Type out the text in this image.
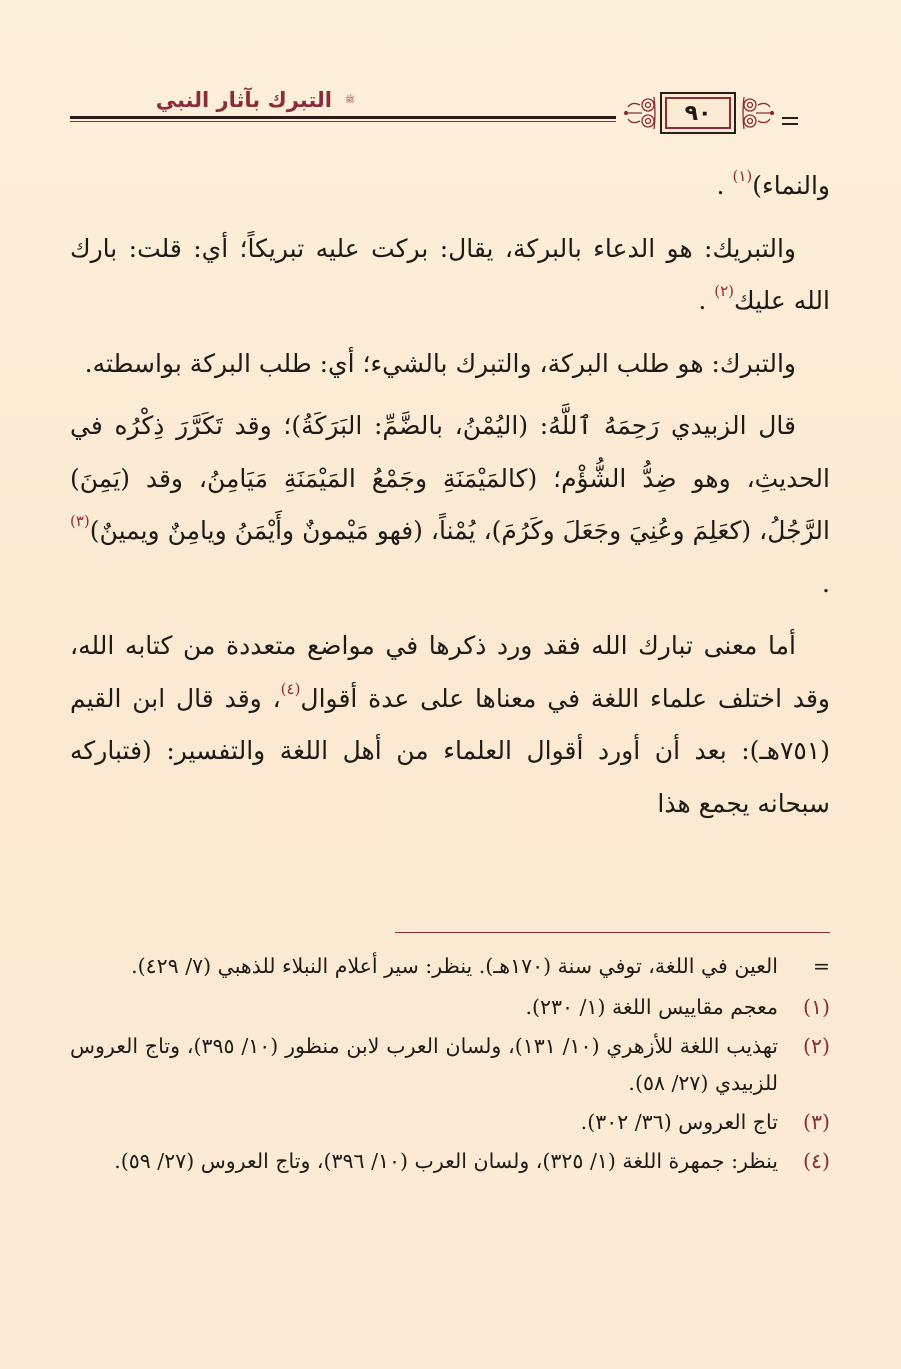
التبرك بآثار النبي	ﷺ
٩٠

والنماء)$^{(١)}$ .

والتبريك: هو الدعاء بالبركة، يقال: بركت عليه تبريكاً؛ أي: قلت: بارك الله عليك$^{(٢)}$ .

والتبرك: هو طلب البركة، والتبرك بالشيء؛ أي: طلب البركة بواسطته.

قال الزبيدي رَحِمَهُ ٱللَّهُ: (اليُمْنُ، بالضَّمِّ: البَرَكَةُ)؛ وقد تَكَرَّرَ ذِكْرُه في الحديثِ، وهو ضِدُّ الشُّؤْم؛ (كالمَيْمَنَةِ وجَمْعُ المَيْمَنَةِ مَيَامِنُ، وقد (يَمِنَ) الرَّجُلُ، (كعَلِمَ وعُنِيَ وجَعَلَ وكَرُمَ)، يُمْناً، (فهو مَيْمونٌ وأَيْمَنُ ويامِنٌ ويمينٌ)$^{(٣)}$ .

أما معنى تبارك الله فقد ورد ذكرها في مواضع متعددة من كتابه الله، وقد اختلف علماء اللغة في معناها على عدة أقوال$^{(٤)}$، وقد قال ابن القيم (٧٥١هـ): بعد أن أورد أقوال العلماء من أهل اللغة والتفسير: (فتباركه سبحانه يجمع هذا

=
العين في اللغة، توفي سنة (١٧٠هـ). ينظر: سير أعلام النبلاء للذهبي (٧/ ٤٢٩).
(١)
معجم مقاييس اللغة (١/ ٢٣٠).
(٢)
تهذيب اللغة للأزهري (١٠/ ١٣١)، ولسان العرب لابن منظور (١٠/ ٣٩٥)، وتاج العروس للزبيدي (٢٧/ ٥٨).
(٣)
تاج العروس (٣٦/ ٣٠٢).
(٤)
ينظر: جمهرة اللغة (١/ ٣٢٥)، ولسان العرب (١٠/ ٣٩٦)، وتاج العروس (٢٧/ ٥٩).
